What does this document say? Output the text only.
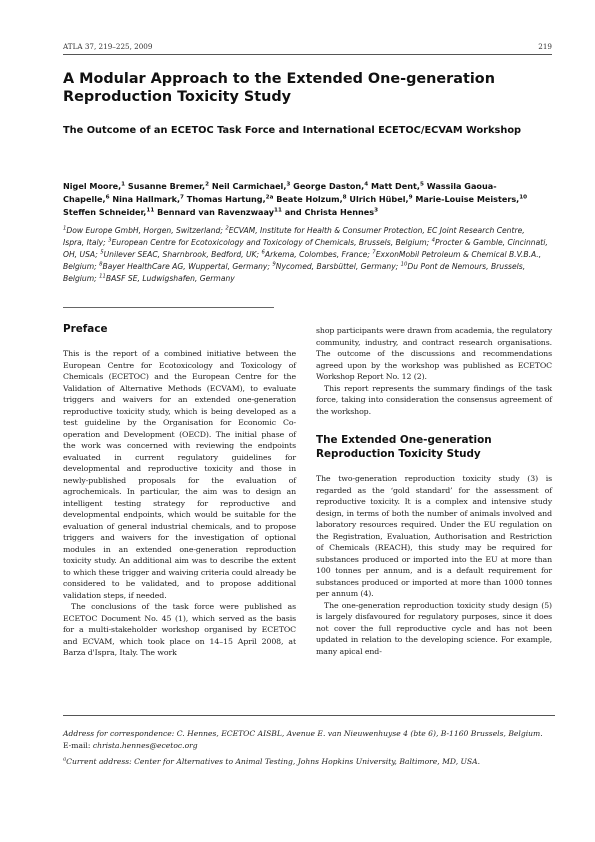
ATLA 37, 219–225, 2009	219
A Modular Approach to the Extended One-generation Reproduction Toxicity Study
The Outcome of an ECETOC Task Force and International ECETOC/ECVAM Workshop
Nigel Moore,$^1$ Susanne Bremer,$^2$ Neil Carmichael,$^3$ George Daston,$^4$ Matt Dent,$^5$ Wassila Gaoua-Chapelle,$^6$ Nina Hallmark,$^7$ Thomas Hartung,$^{2a}$ Beate Holzum,$^8$ Ulrich Hübel,$^9$ Marie-Louise Meisters,$^{10}$ Steffen Schneider,$^{11}$ Bennard van Ravenzwaay$^{11}$ and Christa Hennes$^3$
$^1$Dow Europe GmbH, Horgen, Switzerland; $^2$ECVAM, Institute for Health & Consumer Protection, EC Joint Research Centre, Ispra, Italy; $^3$European Centre for Ecotoxicology and Toxicology of Chemicals, Brussels, Belgium; $^4$Procter & Gamble, Cincinnati, OH, USA; $^5$Unilever SEAC, Sharnbrook, Bedford, UK; $^6$Arkema, Colombes, France; $^7$ExxonMobil Petroleum & Chemical B.V.B.A., Belgium; $^8$Bayer HealthCare AG, Wuppertal, Germany; $^9$Nycomed, Barsbüttel, Germany; $^{10}$Du Pont de Nemours, Brussels, Belgium; $^{11}$BASF SE, Ludwigshafen, Germany
Preface

This is the report of a combined initiative between the European Centre for Ecotoxicology and Toxicology of Chemicals (ECETOC) and the European Centre for the Validation of Alternative Methods (ECVAM), to evaluate triggers and waivers for an extended one-generation reproductive toxicity study, which is being developed as a test guideline by the Organisation for Economic Co-operation and Development (OECD). The initial phase of the work was concerned with reviewing the endpoints evaluated in current regulatory guidelines for developmental and reproductive toxicity and those in newly-published proposals for the evaluation of agrochemicals. In particular, the aim was to design an intelligent testing strategy for reproductive and developmental endpoints, which would be suitable for the evaluation of general industrial chemicals, and to propose triggers and waivers for the investigation of optional modules in an extended one-generation reproduction toxicity study. An additional aim was to describe the extent to which these trigger and waiving criteria could already be considered to be validated, and to propose additional validation steps, if needed.

The conclusions of the task force were published as ECETOC Document No. 45 (1), which served as the basis for a multi-stakeholder workshop organised by ECETOC and ECVAM, which took place on 14–15 April 2008, at Barza d'Ispra, Italy. The work

shop participants were drawn from academia, the regulatory community, industry, and contract research organisations. The outcome of the discussions and recommendations agreed upon by the workshop was published as ECETOC Workshop Report No. 12 (2).

This report represents the summary findings of the task force, taking into consideration the consensus agreement of the workshop.

The Extended One-generation Reproduction Toxicity Study

The two-generation reproduction toxicity study (3) is regarded as the ‘gold standard’ for the assessment of reproductive toxicity. It is a complex and intensive study design, in terms of both the number of animals involved and laboratory resources required. Under the EU regulation on the Registration, Evaluation, Authorisation and Restriction of Chemicals (REACH), this study may be required for substances produced or imported into the EU at more than 100 tonnes per annum, and is a default requirement for substances produced or imported at more than 1000 tonnes per annum (4).

The one-generation reproduction toxicity study design (5) is largely disfavoured for regulatory purposes, since it does not cover the full reproductive cycle and has not been updated in relation to the developing science. For example, many apical end-

Address for correspondence: C. Hennes, ECETOC AISBL, Avenue E. van Nieuwenhuyse 4 (bte 6), B-1160 Brussels, Belgium.
E-mail: christa.hennes@ecetoc.org
$^a$Current address: Center for Alternatives to Animal Testing, Johns Hopkins University, Baltimore, MD, USA.
